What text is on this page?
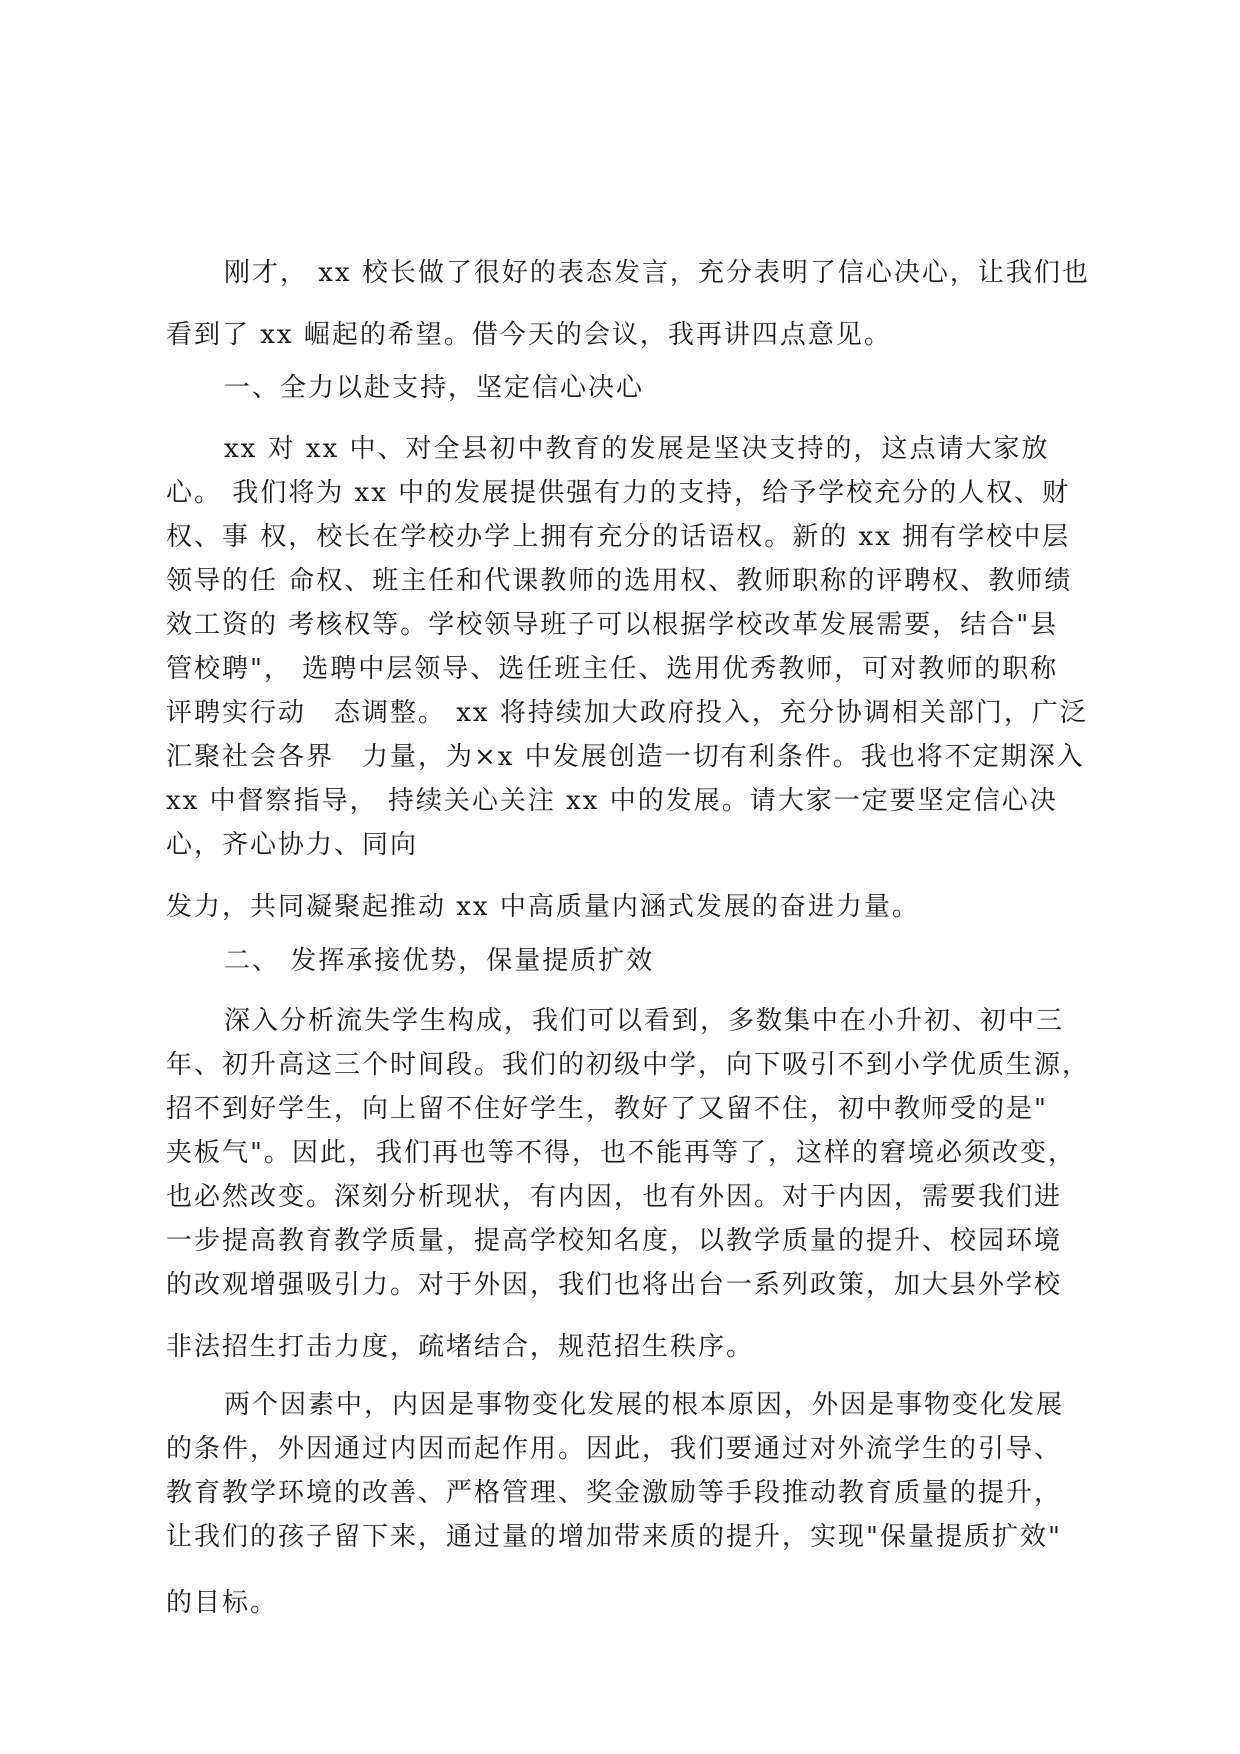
刚才， xx 校长做了很好的表态发言，充分表明了信心决心，让我们也
看到了 xx 崛起的希望。借今天的会议，我再讲四点意见。
一、全力以赴支持，坚定信心决心
xx 对 xx 中、对全县初中教育的发展是坚决支持的，这点请大家放
心。 我们将为 xx 中的发展提供强有力的支持，给予学校充分的人权、财
权、事 权，校长在学校办学上拥有充分的话语权。新的 xx 拥有学校中层
领导的任 命权、班主任和代课教师的选用权、教师职称的评聘权、教师绩
效工资的 考核权等。学校领导班子可以根据学校改革发展需要，结合"县
管校聘"， 选聘中层领导、选任班主任、选用优秀教师，可对教师的职称
评聘实行动　态调整。 xx 将持续加大政府投入，充分协调相关部门，广泛
汇聚社会各界　力量，为×x 中发展创造一切有利条件。我也将不定期深入
xx 中督察指导， 持续关心关注 xx 中的发展。请大家一定要坚定信心决
心，齐心协力、同向
发力，共同凝聚起推动 xx 中高质量内涵式发展的奋进力量。
二、 发挥承接优势，保量提质扩效
深入分析流失学生构成，我们可以看到，多数集中在小升初、初中三
年、初升高这三个时间段。我们的初级中学，向下吸引不到小学优质生源，
招不到好学生，向上留不住好学生，教好了又留不住，初中教师受的是"
夹板气"。因此，我们再也等不得，也不能再等了，这样的窘境必须改变，
也必然改变。深刻分析现状，有内因，也有外因。对于内因，需要我们进
一步提高教育教学质量，提高学校知名度，以教学质量的提升、校园环境
的改观增强吸引力。对于外因，我们也将出台一系列政策，加大县外学校
非法招生打击力度，疏堵结合，规范招生秩序。
两个因素中，内因是事物变化发展的根本原因，外因是事物变化发展
的条件，外因通过内因而起作用。因此，我们要通过对外流学生的引导、
教育教学环境的改善、严格管理、奖金激励等手段推动教育质量的提升，
让我们的孩子留下来，通过量的增加带来质的提升，实现"保量提质扩效"
的目标。
